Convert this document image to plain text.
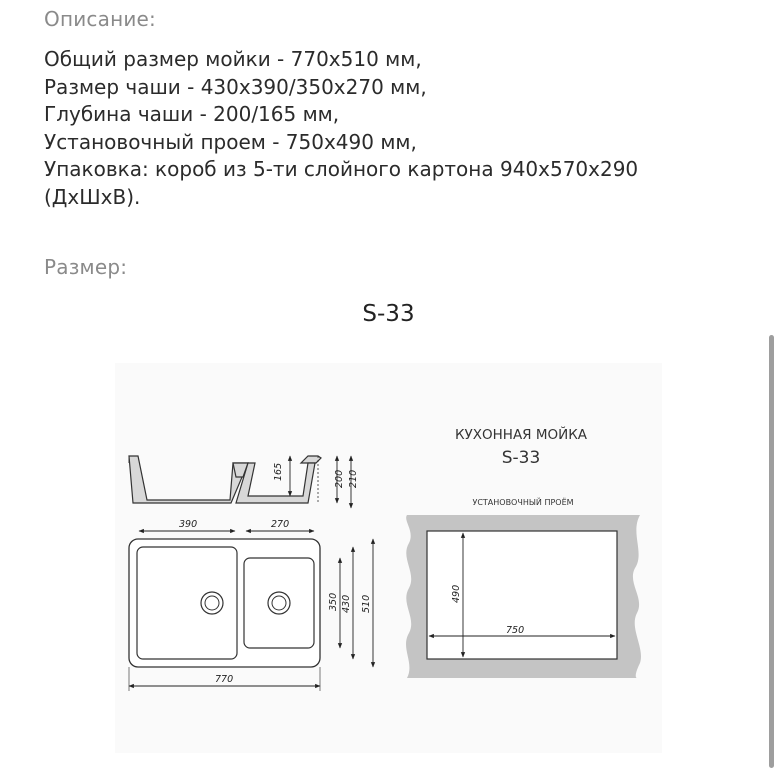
Описание:
Общий размер мойки - 770х510 мм,
Размер чаши - 430х390/350х270 мм,
Глубина чаши - 200/165 мм,
Установочный проем - 750х490 мм,
Упаковка: короб из 5-ти слойного картона 940х570х290
(ДхШхВ).
Размер:
S-33
165	200 210
390	270
350 430 510
770
КУХОННАЯ МОЙКА
S-33
УСТАНОВОЧНЫЙ ПРОЁМ
490
750
